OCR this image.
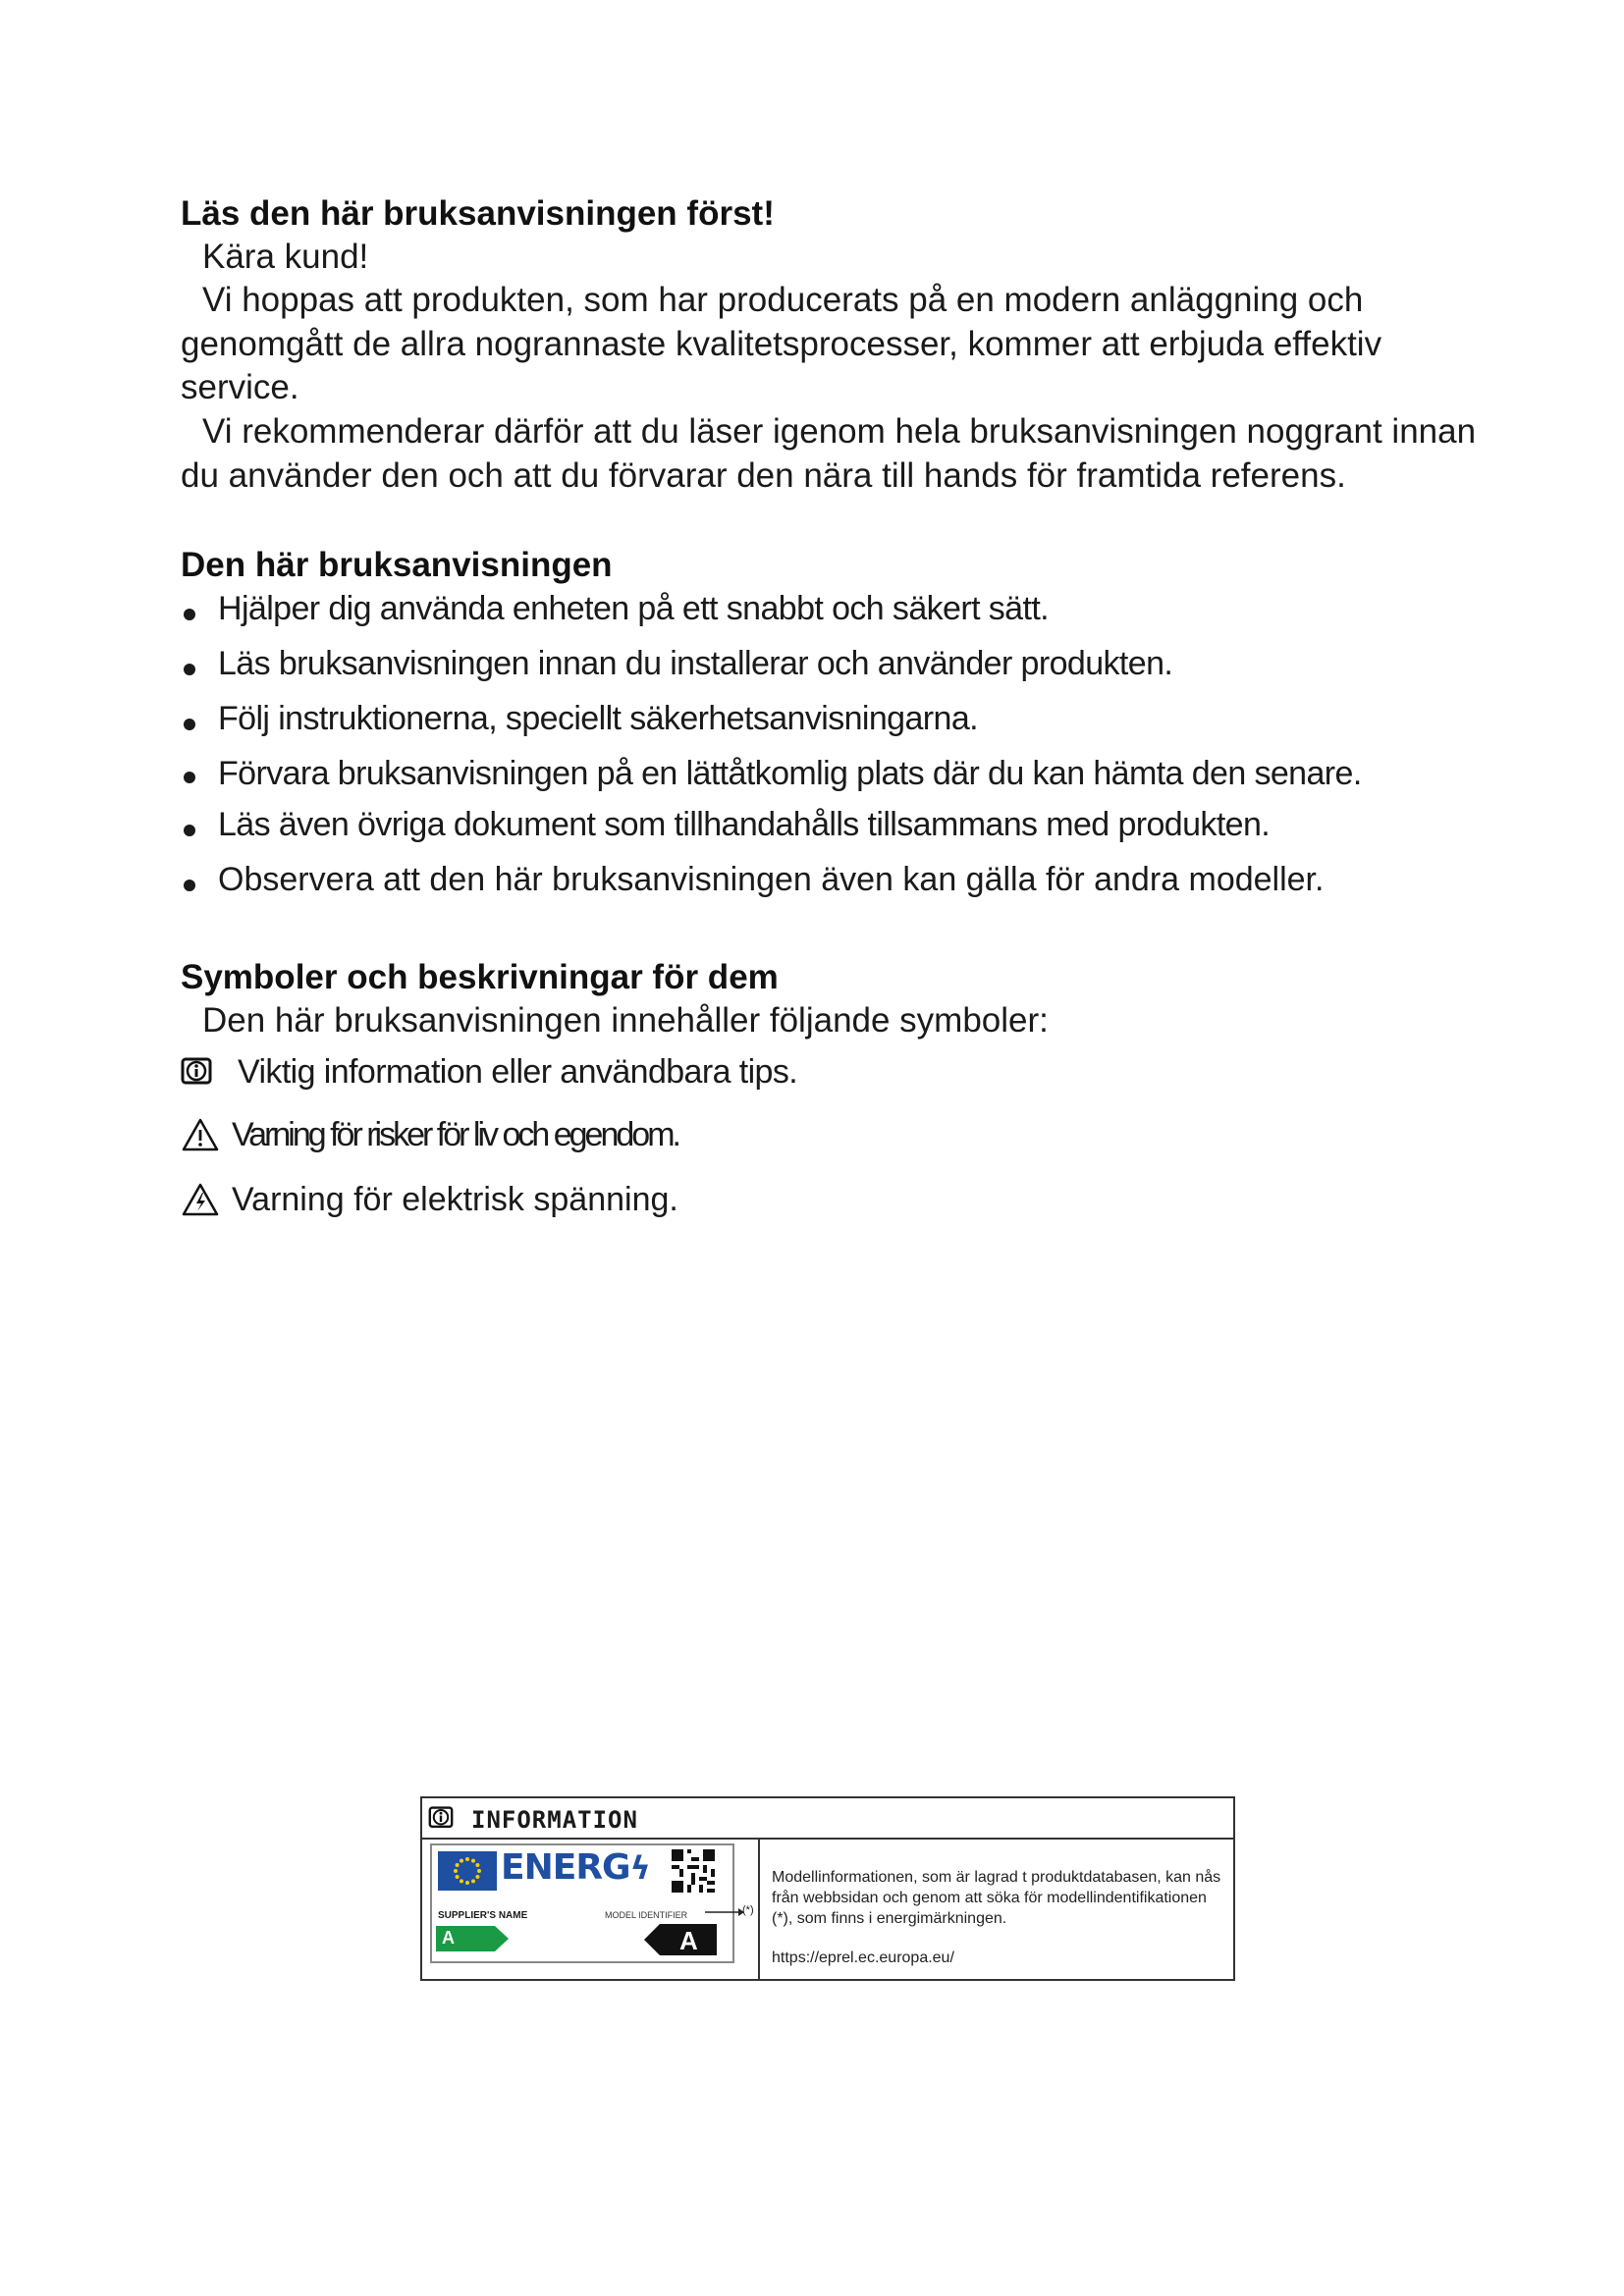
Läs den här bruksanvisningen först!

Kära kund!

Vi hoppas att produkten, som har producerats på en modern anläggning och genomgått de allra nogrannaste kvalitetsprocesser, kommer att erbjuda effektiv service.

Vi rekommenderar därför att du läser igenom hela bruksanvisningen noggrant innan du använder den och att du förvarar den nära till hands för framtida referens.

Den här bruksanvisningen
Hjälper dig använda enheten på ett snabbt och säkert sätt.
Läs bruksanvisningen innan du installerar och använder produkten.
Följ instruktionerna, speciellt säkerhetsanvisningarna.
Förvara bruksanvisningen på en lättåtkomlig plats där du kan hämta den senare.
Läs även övriga dokument som tillhandahålls tillsammans med produkten.
Observera att den här bruksanvisningen även kan gälla för andra modeller.
Symboler och beskrivningar för dem

Den här bruksanvisningen innehåller följande symboler:

Viktig information eller användbara tips.
Varning för risker för liv och egendom.
Varning för elektrisk spänning.
INFORMATION
ENERGϟ
SUPPLIER'S NAME	MODEL IDENTIFIER
A	A
(*)
Modellinformationen, som är lagrad t produktdatabasen, kan nås från webbsidan och genom att söka för modellindentifikationen (*), som finns i energimärkningen.
https://eprel.ec.europa.eu/
